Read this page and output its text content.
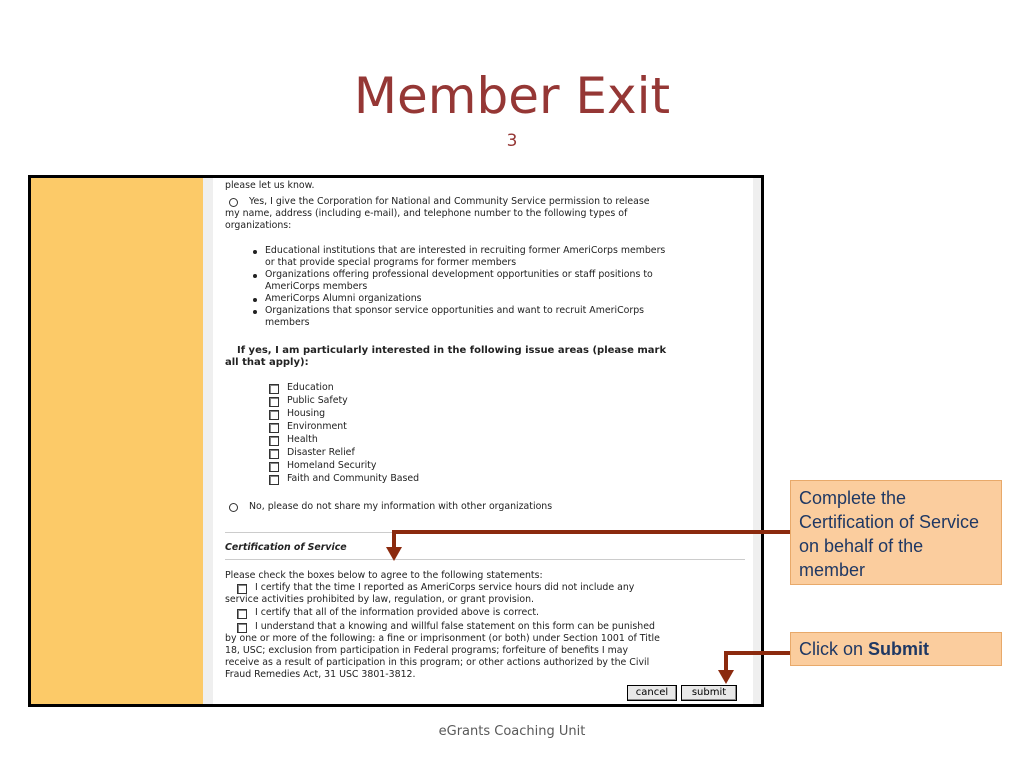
Member Exit
3
please let us know.
Yes, I give the Corporation for National and Community Service permission to release
my name, address (including e-mail), and telephone number to the following types of
organizations:
Educational institutions that are interested in recruiting former AmeriCorps members
or that provide special programs for former members
Organizations offering professional development opportunities or staff positions to
AmeriCorps members
AmeriCorps Alumni organizations
Organizations that sponsor service opportunities and want to recruit AmeriCorps
members
If yes, I am particularly interested in the following issue areas (please mark
all that apply):
Education
Public Safety
Housing
Environment
Health
Disaster Relief
Homeland Security
Faith and Community Based
No, please do not share my information with other organizations
Certification of Service
Please check the boxes below to agree to the following statements:
I certify that the time I reported as AmeriCorps service hours did not include any
service activities prohibited by law, regulation, or grant provision.
I certify that all of the information provided above is correct.
I understand that a knowing and willful false statement on this form can be punished
by one or more of the following: a fine or imprisonment (or both) under Section 1001 of Title
18, USC; exclusion from participation in Federal programs; forfeiture of benefits I may
receive as a result of participation in this program; or other actions authorized by the Civil
Fraud Remedies Act, 31 USC 3801-3812.
cancel	submit
Complete the Certification of Service on behalf of the member
Click on Submit
eGrants Coaching Unit
